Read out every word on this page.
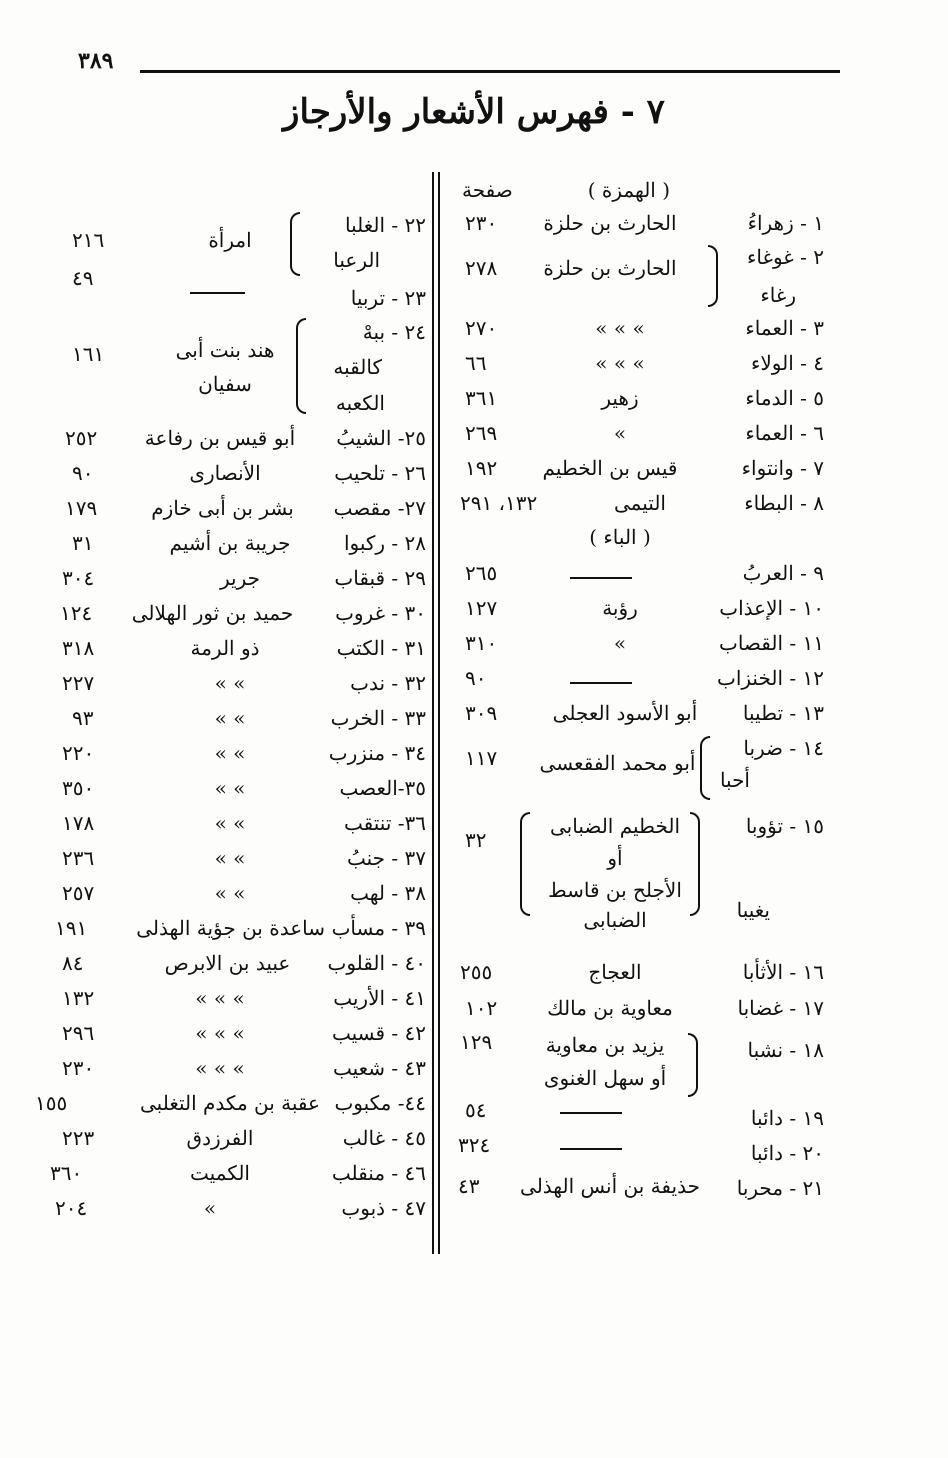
٣٨٩
٧ - فهرس الأشعار والأرجاز
( الهمزة )
صفحة
١ - زهراءُ
الحارث بن حلزة
٢٣٠
٢ - غوغاء
الحارث بن حلزة
٢٧٨
رغاء
٣ - العماء
« « «
٢٧٠
٤ - الولاء
« « «
٦٦
٥ - الدماء
زهير
٣٦١
٦ - العماء
«
٢٦٩
٧ - وانتواء
قيس بن الخطيم
١٩٢
٨ - البطاء
التيمى
١٣٢، ٢٩١
( الباء )
٩ - العربُ
٢٦٥
١٠ - الإعذاب
رؤبة
١٢٧
١١ - القصاب
«
٣١٠
١٢ - الخنزاب
٩٠
١٣ - تطيبا
أبو الأسود العجلى
٣٠٩
١٤ - ضربا
أبو محمد الفقعسى
١١٧
أحبا
١٥ - تؤوبا
الخطيم الضبابى
٣٢
أو
الأجلح بن قاسط
الضبابى	يغيبا
١٦ - الأثأبا
العجاج
٢٥٥
١٧ - غضابا
معاوية بن مالك
١٠٢
١٨ - نشبا
يزيد بن معاوية
١٢٩
أو سهل الغنوى
١٩ - دائبا
٥٤
٢٠ - دائبا
٣٢٤
٢١ - محربا
حذيفة بن أنس الهذلى
٤٣
٢٢ - الغلبا
امرأة
٢١٦
الرعبا
٤٩
٢٣ - تربيا
٢٤ - ببهْ
هند بنت أبى
١٦١
كالقبه
سفيان
الكعبه
٢٥- الشيبُ
أبو قيس بن رفاعة
٢٥٢
٢٦ - تلحيب
الأنصارى
٩٠
٢٧- مقصب
بشر بن أبى خازم
١٧٩
٢٨ - ركبوا
جريبة بن أشيم
٣١
٢٩ - قبقاب
جرير
٣٠٤
٣٠ - غروب
حميد بن ثور الهلالى
١٢٤
٣١ - الكتب
ذو الرمة
٣١٨
٣٢ - ندب
« «
٢٢٧
٣٣ - الخرب
« «
٩٣
٣٤ - منزرب
« «
٢٢٠
٣٥-العصب
« «
٣٥٠
٣٦- تنتقب
« «
١٧٨
٣٧ - جنبُ
« «
٢٣٦
٣٨ - لهب
« «
٢٥٧
٣٩ - مسأب
ساعدة بن جؤية الهذلى
١٩١
٤٠ - القلوب
عبيد بن الابرص
٨٤
٤١ - الأريب
« « «
١٣٢
٤٢ - قسيب
« « «
٢٩٦
٤٣ - شعيب
« « «
٢٣٠
٤٤- مكبوب
عقبة بن مكدم التغلبى
١٥٥
٤٥ - غالب
الفرزدق
٢٢٣
٤٦ - منقلب
الكميت
٣٦٠
٤٧ - ذبوب
«
٢٠٤
